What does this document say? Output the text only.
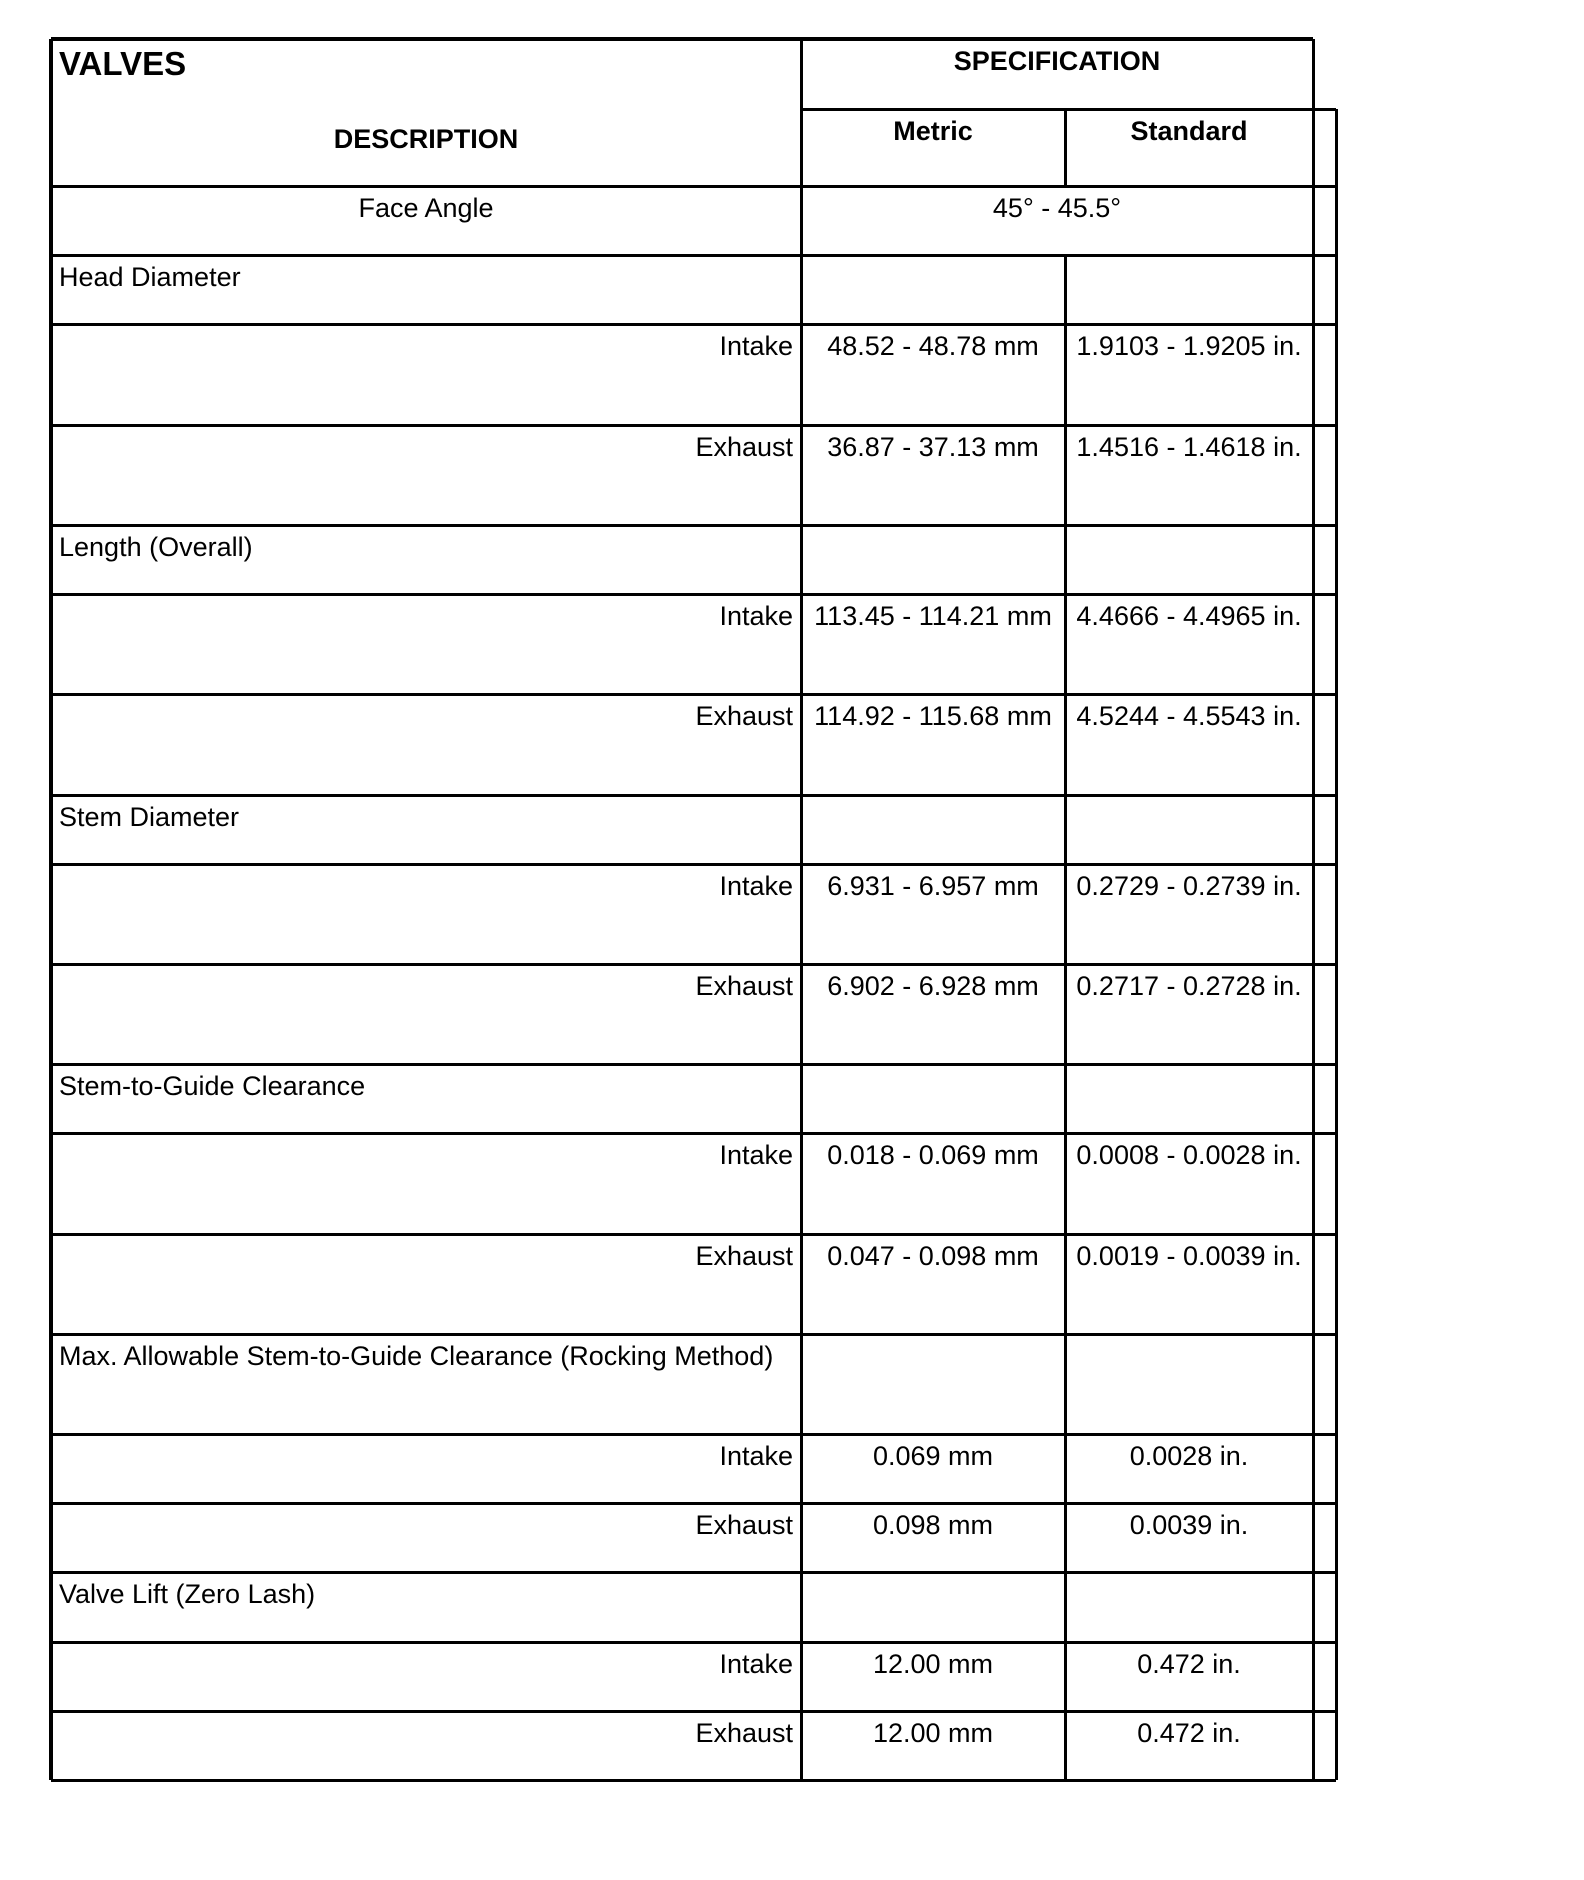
VALVES
DESCRIPTION
SPECIFICATION
Metric	Standard
Face Angle	45° - 45.5°
Head Diameter
Intake	48.52 - 48.78 mm	1.9103 - 1.9205 in.
Exhaust	36.87 - 37.13 mm	1.4516 - 1.4618 in.
Length (Overall)
Intake 113.45 - 114.21 mm 4.4666 - 4.4965 in.
Exhaust 114.92 - 115.68 mm 4.5244 - 4.5543 in.
Stem Diameter
Intake	6.931 - 6.957 mm	0.2729 - 0.2739 in.
Exhaust	6.902 - 6.928 mm	0.2717 - 0.2728 in.
Stem-to-Guide Clearance
Intake	0.018 - 0.069 mm	0.0008 - 0.0028 in.
Exhaust	0.047 - 0.098 mm	0.0019 - 0.0039 in.
Max. Allowable Stem-to-Guide Clearance (Rocking Method)
Intake	0.069 mm	0.0028 in.
Exhaust	0.098 mm	0.0039 in.
Valve Lift (Zero Lash)
Intake	12.00 mm	0.472 in.
Exhaust	12.00 mm	0.472 in.
